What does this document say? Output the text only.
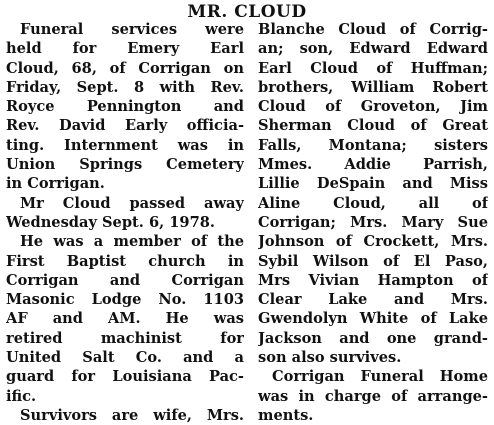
MR. CLOUD
Funeral services were
held for Emery Earl
Cloud, 68, of Corrigan on
Friday, Sept. 8 with Rev.
Royce Pennington and
Rev. David Early officia-
ting. Internment was in
Union Springs Cemetery
in Corrigan.
Mr Cloud passed away
Wednesday Sept. 6, 1978.
He was a member of the
First Baptist church in
Corrigan and Corrigan
Masonic Lodge No. 1103
AF and AM. He was
retired machinist for
United Salt Co. and a
guard for Louisiana Pac-
ific.
Survivors are wife, Mrs.
Blanche Cloud of Corrig-
an; son, Edward Edward
Earl Cloud of Huffman;
brothers, William Robert
Cloud of Groveton, Jim
Sherman Cloud of Great
Falls, Montana; sisters
Mmes. Addie Parrish,
Lillie DeSpain and Miss
Aline Cloud, all of
Corrigan; Mrs. Mary Sue
Johnson of Crockett, Mrs.
Sybil Wilson of El Paso,
Mrs Vivian Hampton of
Clear Lake and Mrs.
Gwendolyn White of Lake
Jackson and one grand-
son also survives.
Corrigan Funeral Home
was in charge of arrange-
ments.
